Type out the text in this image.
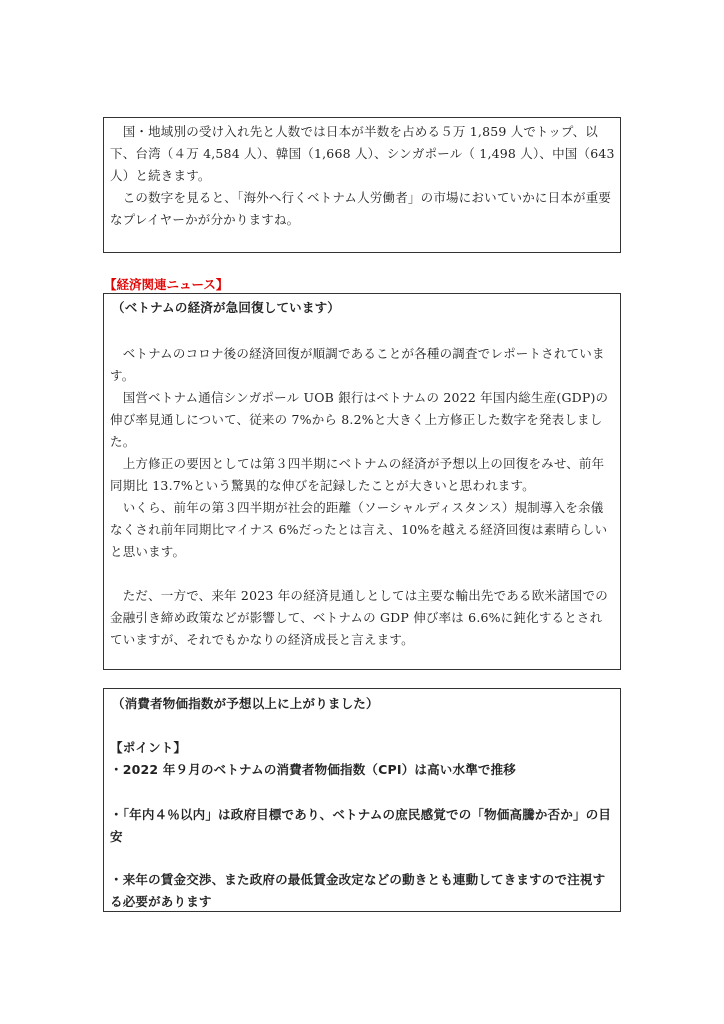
　国・地域別の受け入れ先と人数では日本が半数を占める５万 1,859 人でトップ、以下、台湾（４万 4,584 人）、韓国（1,668 人）、シンガポール（ 1,498 人）、中国（643 人）と続きます。
　この数字を見ると、「海外へ行くベトナム人労働者」の市場においていかに日本が重要なプレイヤーかが分かりますね。
【経済関連ニュース】
（ベトナムの経済が急回復しています）
　ベトナムのコロナ後の経済回復が順調であることが各種の調査でレポートされています。
　国営ベトナム通信シンガポール UOB 銀行はベトナムの 2022 年国内総生産(GDP)の伸び率見通しについて、従来の 7%から 8.2%と大きく上方修正した数字を発表しました。
　上方修正の要因としては第３四半期にベトナムの経済が予想以上の回復をみせ、前年同期比 13.7%という驚異的な伸びを記録したことが大きいと思われます。
　いくら、前年の第３四半期が社会的距離（ソーシャルディスタンス）規制導入を余儀なくされ前年同期比マイナス 6%だったとは言え、10%を越える経済回復は素晴らしいと思います。
　ただ、一方で、来年 2023 年の経済見通しとしては主要な輸出先である欧米諸国での金融引き締め政策などが影響して、ベトナムの GDP 伸び率は 6.6%に鈍化するとされていますが、それでもかなりの経済成長と言えます。
（消費者物価指数が予想以上に上がりました）
【ポイント】
・2022 年９月のベトナムの消費者物価指数（CPI）は高い水準で推移
・「年内４％以内」は政府目標であり、ベトナムの庶民感覚での「物価高騰か否か」の目安
・来年の賃金交渉、また政府の最低賃金改定などの動きとも連動してきますので注視する必要があります
